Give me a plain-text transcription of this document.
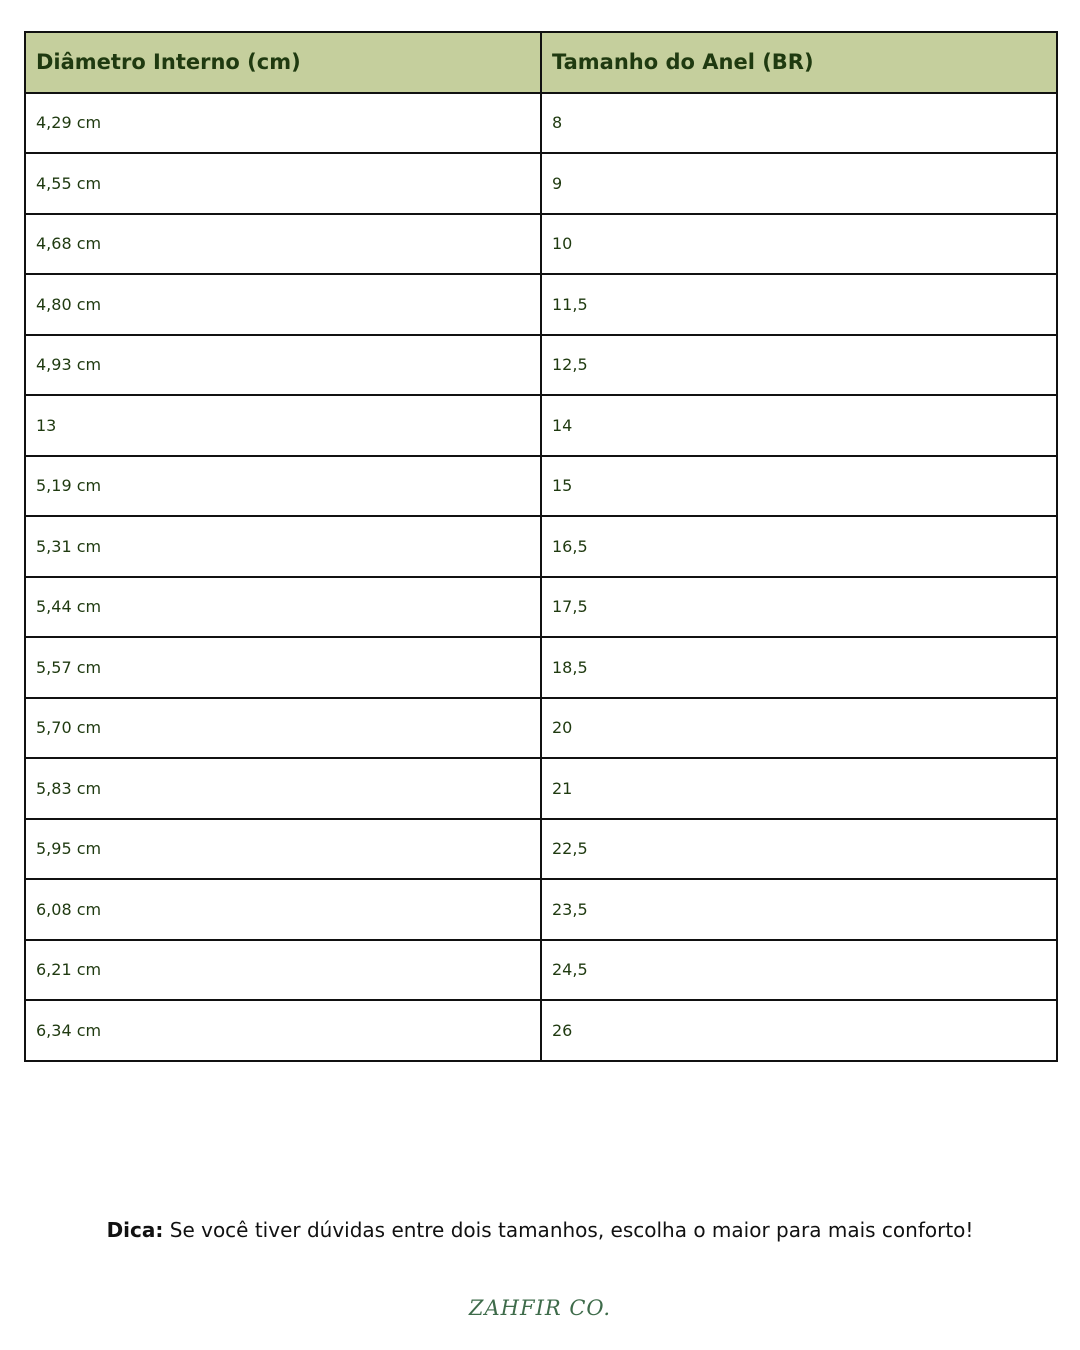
Diâmetro Interno (cm)	Tamanho do Anel (BR)
4,29 cm	8
4,55 cm	9
4,68 cm	10
4,80 cm	11,5
4,93 cm	12,5
13	14
5,19 cm	15
5,31 cm	16,5
5,44 cm	17,5
5,57 cm	18,5
5,70 cm	20
5,83 cm	21
5,95 cm	22,5
6,08 cm	23,5
6,21 cm	24,5
6,34 cm	26

Dica: Se você tiver dúvidas entre dois tamanhos, escolha o maior para mais conforto!

ZAHFIR CO.
